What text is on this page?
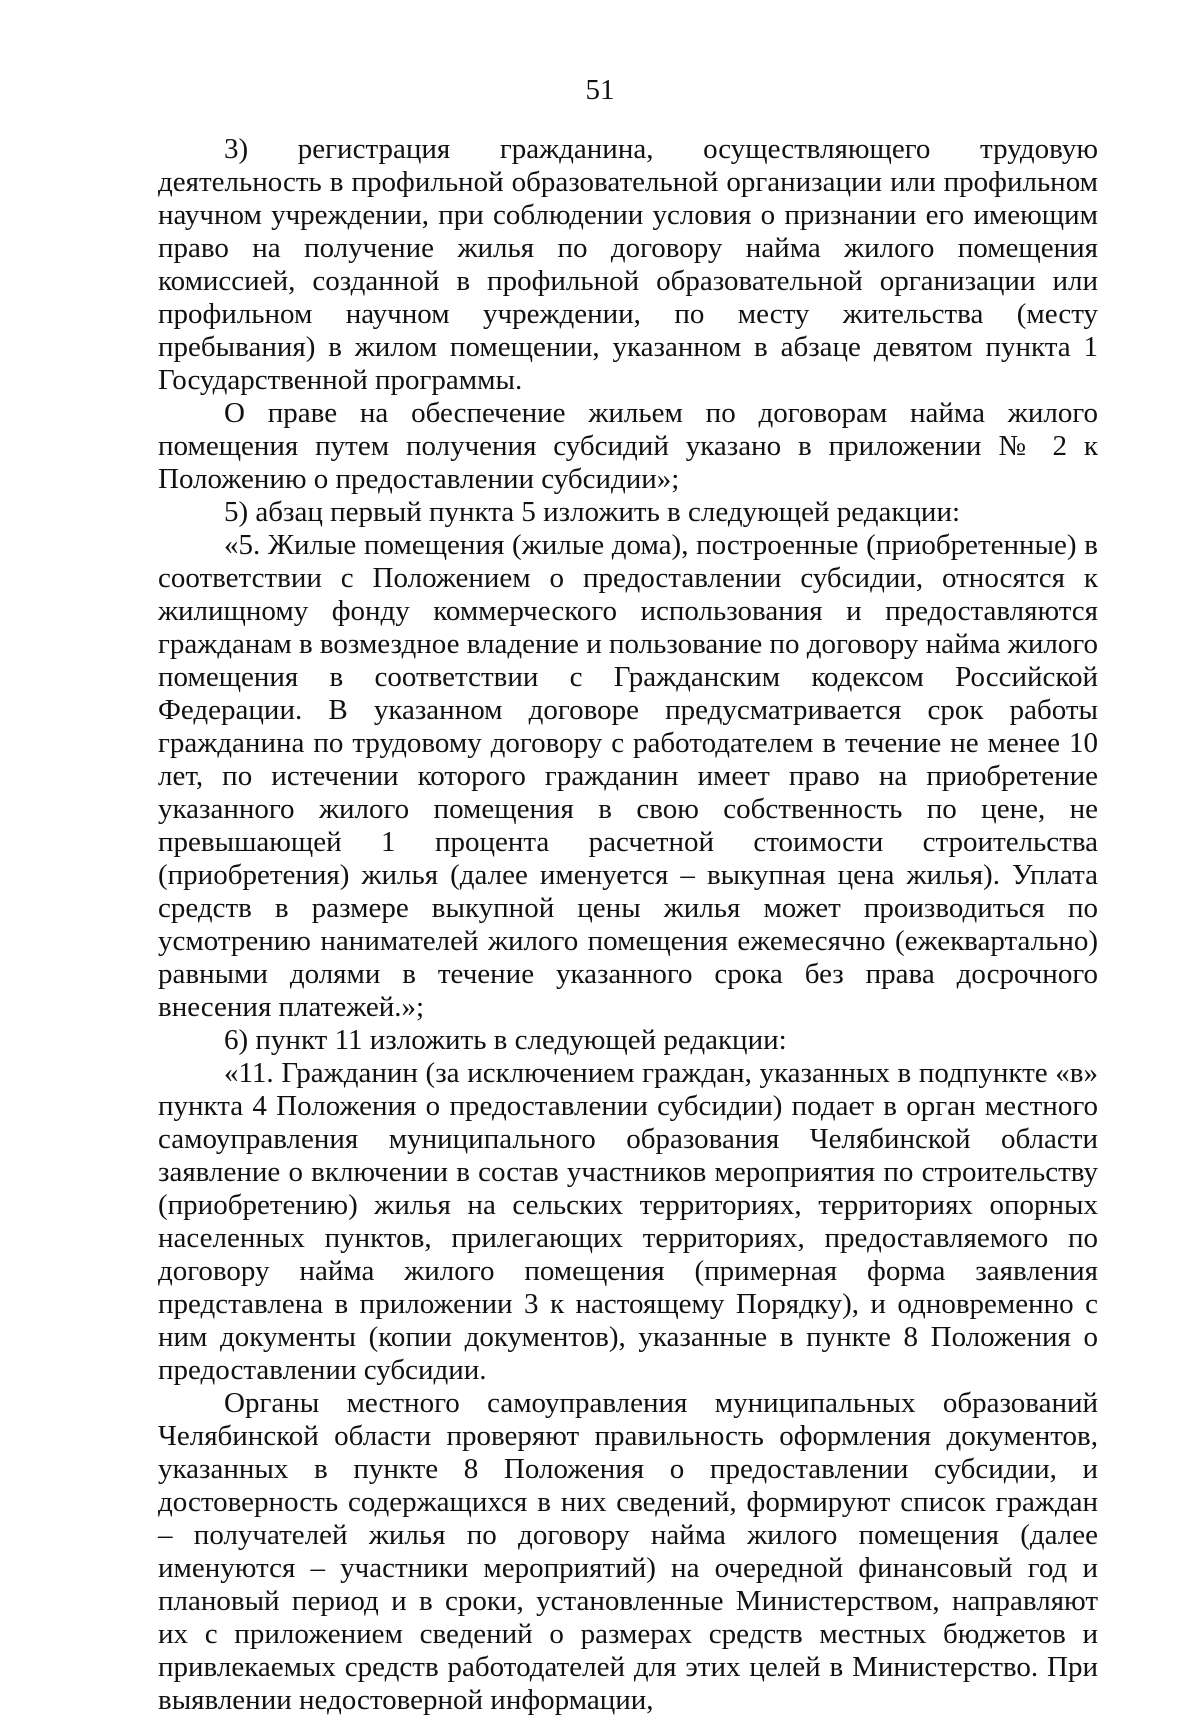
51

3) регистрация гражданина, осуществляющего трудовую деятельность в профильной образовательной организации или профильном научном учреждении, при соблюдении условия о признании его имеющим право на получение жилья по договору найма жилого помещения комиссией, созданной в профильной образовательной организации или профильном научном учреждении, по месту жительства (месту пребывания) в жилом помещении, указанном в абзаце девятом пункта 1 Государственной программы.

О праве на обеспечение жильем по договорам найма жилого помещения путем получения субсидий указано в приложении № 2 к Положению о предоставлении субсидии»;

5) абзац первый пункта 5 изложить в следующей редакции:

«5. Жилые помещения (жилые дома), построенные (приобретенные) в соответствии с Положением о предоставлении субсидии, относятся к жилищному фонду коммерческого использования и предоставляются гражданам в возмездное владение и пользование по договору найма жилого помещения в соответствии с Гражданским кодексом Российской Федерации. В указанном договоре предусматривается срок работы гражданина по трудовому договору с работодателем в течение не менее 10 лет, по истечении которого гражданин имеет право на приобретение указанного жилого помещения в свою собственность по цене, не превышающей 1 процента расчетной стоимости строительства (приобретения) жилья (далее именуется – выкупная цена жилья). Уплата средств в размере выкупной цены жилья может производиться по усмотрению нанимателей жилого помещения ежемесячно (ежеквартально) равными долями в течение указанного срока без права досрочного внесения платежей.»;

6) пункт 11 изложить в следующей редакции:

«11. Гражданин (за исключением граждан, указанных в подпункте «в» пункта 4 Положения о предоставлении субсидии) подает в орган местного самоуправления муниципального образования Челябинской области заявление о включении в состав участников мероприятия по строительству (приобретению) жилья на сельских территориях, территориях опорных населенных пунктов, прилегающих территориях, предоставляемого по договору найма жилого помещения (примерная форма заявления представлена в приложении 3 к настоящему Порядку), и одновременно с ним документы (копии документов), указанные в пункте 8 Положения о предоставлении субсидии.

Органы местного самоуправления муниципальных образований Челябинской области проверяют правильность оформления документов, указанных в пункте 8 Положения о предоставлении субсидии, и достоверность содержащихся в них сведений, формируют список граждан – получателей жилья по договору найма жилого помещения (далее именуются – участники мероприятий) на очередной финансовый год и плановый период и в сроки, установленные Министерством, направляют их с приложением сведений о размерах средств местных бюджетов и привлекаемых средств работодателей для этих целей в Министерство. При выявлении недостоверной информации,
